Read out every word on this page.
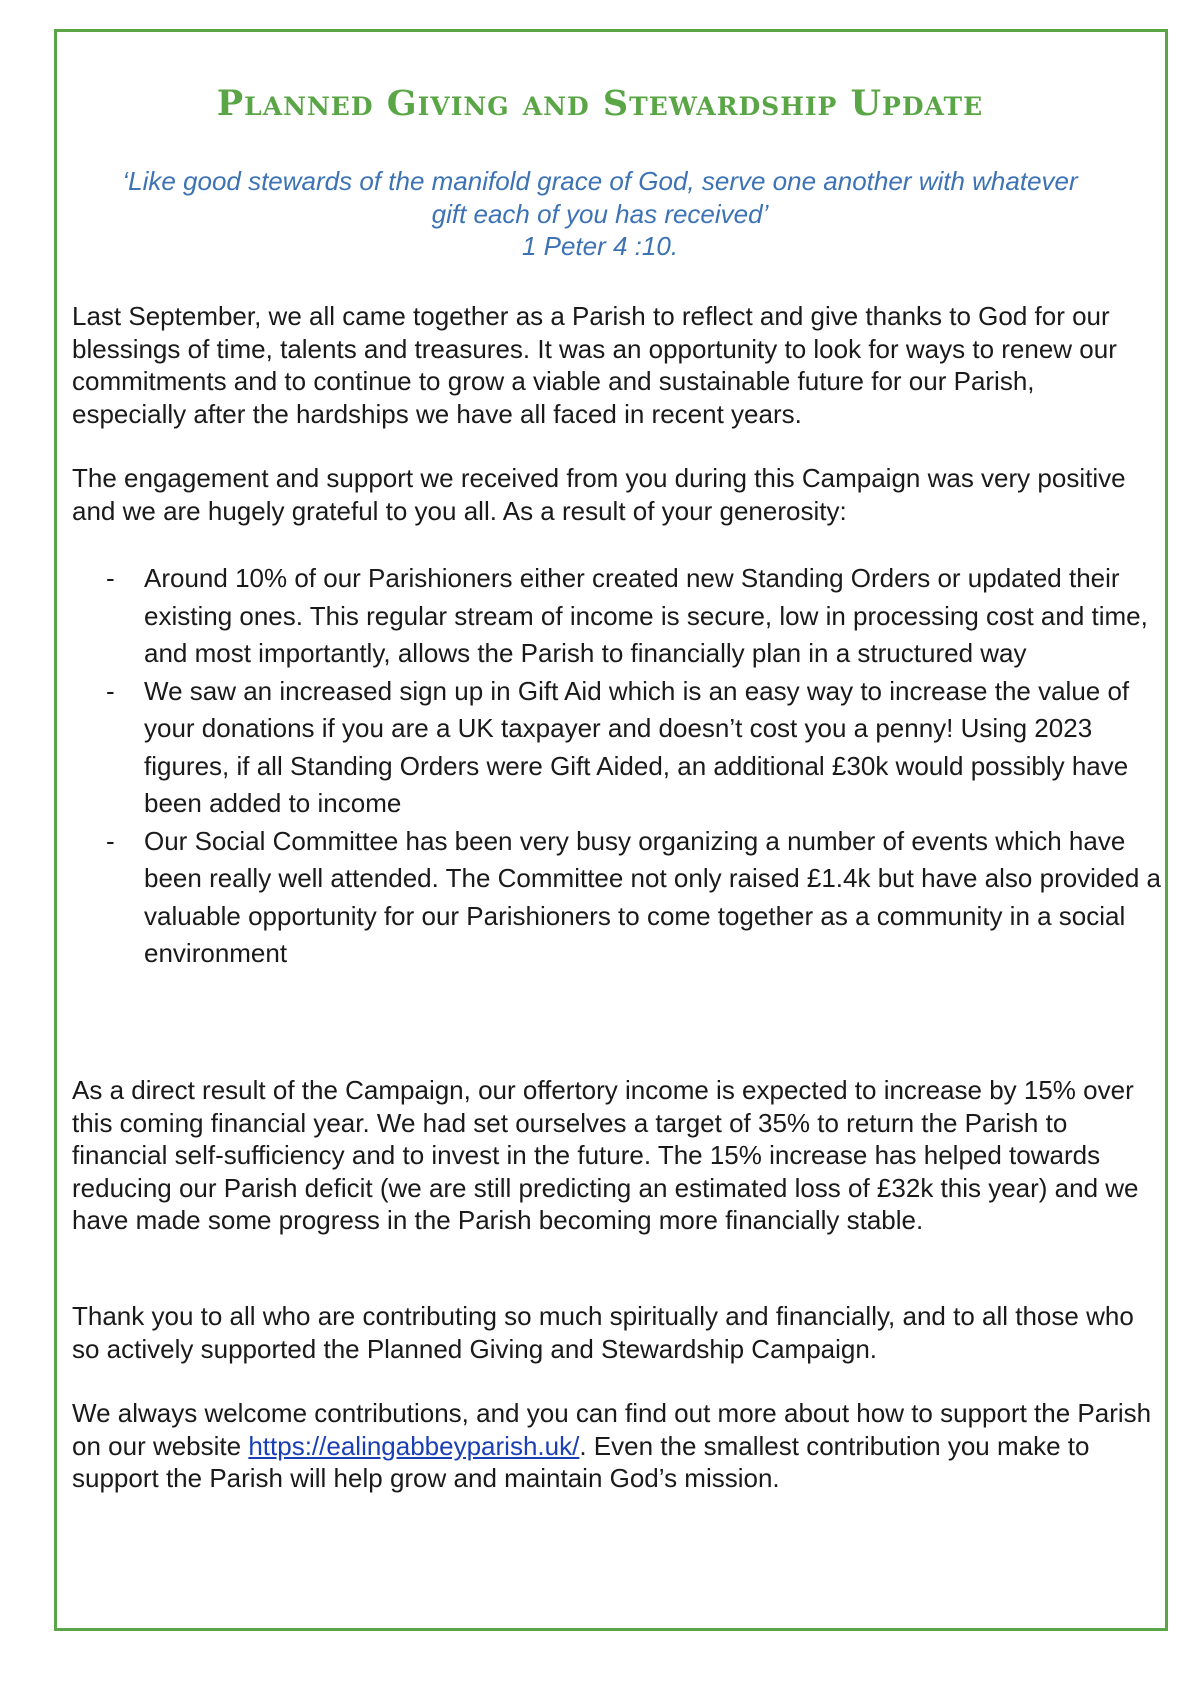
Planned Giving and Stewardship Update
‘Like good stewards of the manifold grace of God, serve one another with whatever
gift each of you has received’
1 Peter 4 :10.

Last September, we all came together as a Parish to reflect and give thanks to God for our blessings of time, talents and treasures. It was an opportunity to look for ways to renew our commitments and to continue to grow a viable and sustainable future for our Parish, especially after the hardships we have all faced in recent years.

The engagement and support we received from you during this Campaign was very positive and we are hugely grateful to you all. As a result of your generosity:

- Around 10% of our Parishioners either created new Standing Orders or updated their existing ones. This regular stream of income is secure, low in processing cost and time, and most importantly, allows the Parish to financially plan in a structured way
- We saw an increased sign up in Gift Aid which is an easy way to increase the value of your donations if you are a UK taxpayer and doesn’t cost you a penny! Using 2023 figures, if all Standing Orders were Gift Aided, an additional £30k would possibly have been added to income
- Our Social Committee has been very busy organizing a number of events which have been really well attended. The Committee not only raised £1.4k but have also provided a valuable opportunity for our Parishioners to come together as a community in a social environment

As a direct result of the Campaign, our offertory income is expected to increase by 15% over this coming financial year. We had set ourselves a target of 35% to return the Parish to financial self-sufficiency and to invest in the future. The 15% increase has helped towards reducing our Parish deficit (we are still predicting an estimated loss of £32k this year) and we have made some progress in the Parish becoming more financially stable.

Thank you to all who are contributing so much spiritually and financially, and to all those who so actively supported the Planned Giving and Stewardship Campaign.

We always welcome contributions, and you can find out more about how to support the Parish on our website https://ealingabbeyparish.uk/. Even the smallest contribution you make to support the Parish will help grow and maintain God’s mission.
